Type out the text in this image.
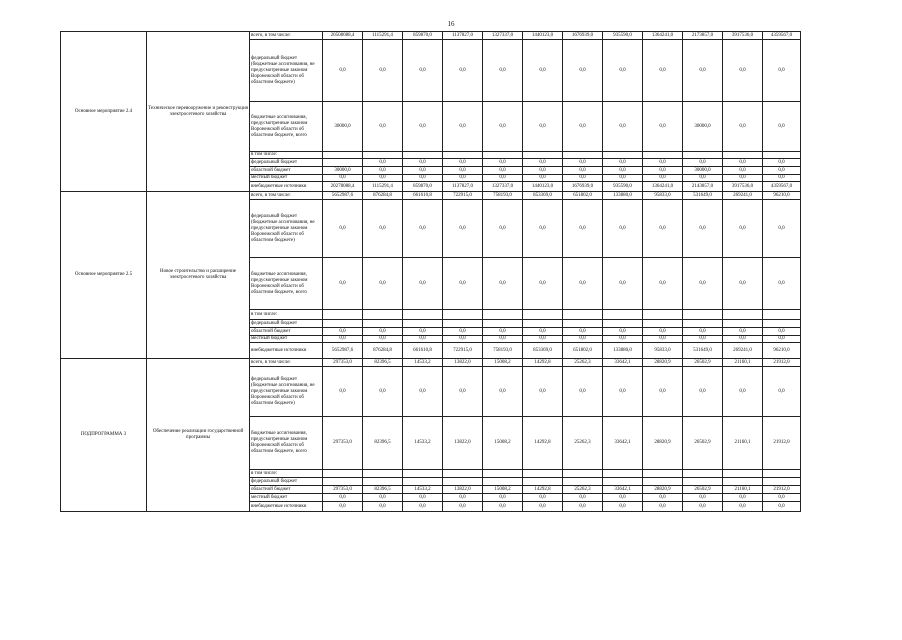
16
Основное мероприятие 2.4	Техническое перевооружение и реконструкция электросетевого хозяйства	всего, в том числе:	20508088,4	1115291,4	859870,0	1137827,0	1327337,0	1440123,0	1676939,0	935590,0	1364241,0	2173857,0	3917536,0	4359567,0
		федеральный бюджет (бюджетные ассигнования, не предусмотренные законом Воронежской области об областном бюджете)	0,0	0,0	0,0	0,0	0,0	0,0	0,0	0,0	0,0	0,0	0,0	0,0
		бюджетные ассигнования, предусмотренные законом Воронежской области об областном бюджете, всего	30000,0	0,0	0,0	0,0	0,0	0,0	0,0	0,0	0,0	30000,0	0,0	0,0
		в том числе:												
		федеральный бюджет		0,0	0,0	0,0	0,0	0,0	0,0	0,0	0,0	0,0	0,0	0,0
		областной бюджет	30000,0	0,0	0,0	0,0	0,0	0,0	0,0	0,0	0,0	30000,0	0,0	0,0
		местный бюджет	0,0	0,0	0,0	0,0	0,0	0,0	0,0	0,0	0,0	0,0	0,0	0,0
		внебюджетные источники	20278088,4	1115291,4	859870,0	1137827,0	1327337,0	1440123,0	1676939,0	935590,0	1364241,0	2143857,0	3917536,0	4359567,0
Основное мероприятие 2.5	Новое строительство и расширение электросетевого хозяйства	всего, в том числе:	5652987,6	876284,8	661610,8	722915,0	758193,0	853369,0	651802,0	133880,0	95833,0	531649,0	269241,0	96210,0
		федеральный бюджет (бюджетные ассигнования, не предусмотренные законом Воронежской области об областном бюджете)	0,0	0,0	0,0	0,0	0,0	0,0	0,0	0,0	0,0	0,0	0,0	0,0
		бюджетные ассигнования, предусмотренные законом Воронежской области об областном бюджете, всего	0,0	0,0	0,0	0,0	0,0	0,0	0,0	0,0	0,0	0,0	0,0	0,0
		в том числе:												
		федеральный бюджет												
		областной бюджет	0,0	0,0	0,0	0,0	0,0	0,0	0,0	0,0	0,0	0,0	0,0	0,0
		местный бюджет	0,0	0,0	0,0	0,0	0,0	0,0	0,0	0,0	0,0	0,0	0,0	0,0
		внебюджетные источники	5652987,6	876284,8	661610,8	722915,0	758193,0	853369,0	651802,0	133880,0	95833,0	531649,0	269241,0	96210,0
ПОДПРОГРАММА 3	Обеспечение реализации государственной программы	всего, в том числе:	297353,0	82396,5	14533,2	13822,0	15008,2	14292,8	25262,3	33642,1	28820,9	26502,9	21160,1	21912,0
		федеральный бюджет (бюджетные ассигнования, не предусмотренные законом Воронежской области об областном бюджете)	0,0	0,0	0,0	0,0	0,0	0,0	0,0	0,0	0,0	0,0	0,0	0,0
		бюджетные ассигнования, предусмотренные законом Воронежской области об областном бюджете, всего	297353,0	82396,5	14533,2	13822,0	15008,2	14292,8	25262,3	33642,1	28820,9	26502,9	21160,1	21912,0
		в том числе:												
		федеральный бюджет												
		областной бюджет	297353,0	82396,5	14533,2	13822,0	15008,2	14292,8	25262,3	33642,1	28820,9	26502,9	21160,1	21912,0
		местный бюджет	0,0	0,0	0,0	0,0	0,0	0,0	0,0	0,0	0,0	0,0	0,0	0,0
		внебюджетные источники	0,0	0,0	0,0	0,0	0,0	0,0	0,0	0,0	0,0	0,0	0,0	0,0
